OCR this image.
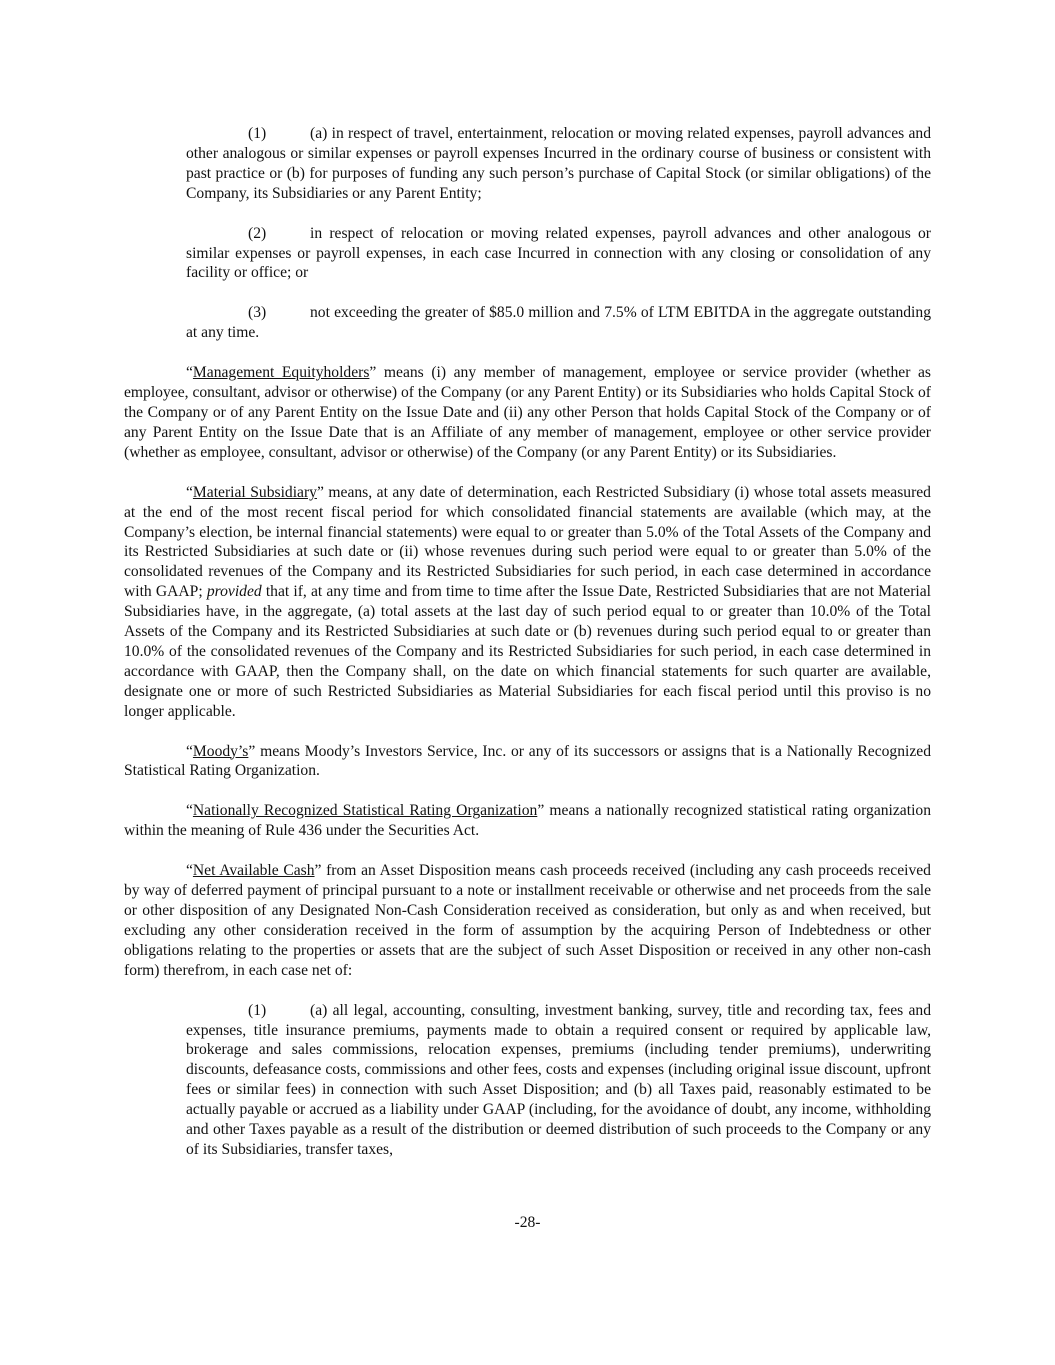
(1)	(a) in respect of travel, entertainment, relocation or moving related expenses, payroll advances and other analogous or similar expenses or payroll expenses Incurred in the ordinary course of business or consistent with past practice or (b) for purposes of funding any such person’s purchase of Capital Stock (or similar obligations) of the Company, its Subsidiaries or any Parent Entity;

(2)	in respect of relocation or moving related expenses, payroll advances and other analogous or similar expenses or payroll expenses, in each case Incurred in connection with any closing or consolidation of any facility or office; or

(3)	not exceeding the greater of $85.0 million and 7.5% of LTM EBITDA in the aggregate outstanding at any time.

“Management Equityholders” means (i) any member of management, employee or service provider (whether as employee, consultant, advisor or otherwise) of the Company (or any Parent Entity) or its Subsidiaries who holds Capital Stock of the Company or of any Parent Entity on the Issue Date and (ii) any other Person that holds Capital Stock of the Company or of any Parent Entity on the Issue Date that is an Affiliate of any member of management, employee or other service provider (whether as employee, consultant, advisor or otherwise) of the Company (or any Parent Entity) or its Subsidiaries.

“Material Subsidiary” means, at any date of determination, each Restricted Subsidiary (i) whose total assets measured at the end of the most recent fiscal period for which consolidated financial statements are available (which may, at the Company’s election, be internal financial statements) were equal to or greater than 5.0% of the Total Assets of the Company and its Restricted Subsidiaries at such date or (ii) whose revenues during such period were equal to or greater than 5.0% of the consolidated revenues of the Company and its Restricted Subsidiaries for such period, in each case determined in accordance with GAAP; provided that if, at any time and from time to time after the Issue Date, Restricted Subsidiaries that are not Material Subsidiaries have, in the aggregate, (a) total assets at the last day of such period equal to or greater than 10.0% of the Total Assets of the Company and its Restricted Subsidiaries at such date or (b) revenues during such period equal to or greater than 10.0% of the consolidated revenues of the Company and its Restricted Subsidiaries for such period, in each case determined in accordance with GAAP, then the Company shall, on the date on which financial statements for such quarter are available, designate one or more of such Restricted Subsidiaries as Material Subsidiaries for each fiscal period until this proviso is no longer applicable.

“Moody’s” means Moody’s Investors Service, Inc. or any of its successors or assigns that is a Nationally Recognized Statistical Rating Organization.

“Nationally Recognized Statistical Rating Organization” means a nationally recognized statistical rating organization within the meaning of Rule 436 under the Securities Act.

“Net Available Cash” from an Asset Disposition means cash proceeds received (including any cash proceeds received by way of deferred payment of principal pursuant to a note or installment receivable or otherwise and net proceeds from the sale or other disposition of any Designated Non-Cash Consideration received as consideration, but only as and when received, but excluding any other consideration received in the form of assumption by the acquiring Person of Indebtedness or other obligations relating to the properties or assets that are the subject of such Asset Disposition or received in any other non-cash form) therefrom, in each case net of:

(1)	(a) all legal, accounting, consulting, investment banking, survey, title and recording tax, fees and expenses, title insurance premiums, payments made to obtain a required consent or required by applicable law, brokerage and sales commissions, relocation expenses, premiums (including tender premiums), underwriting discounts, defeasance costs, commissions and other fees, costs and expenses (including original issue discount, upfront fees or similar fees) in connection with such Asset Disposition; and (b) all Taxes paid, reasonably estimated to be actually payable or accrued as a liability under GAAP (including, for the avoidance of doubt, any income, withholding and other Taxes payable as a result of the distribution or deemed distribution of such proceeds to the Company or any of its Subsidiaries, transfer taxes,

-28-
